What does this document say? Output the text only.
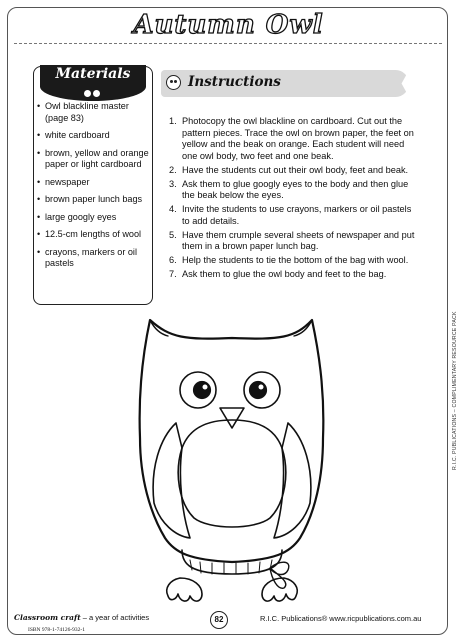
Autumn Owl
Materials
• Owl blackline master (page 83)
• white cardboard
• brown, yellow and orange paper or light cardboard
• newspaper
• brown paper lunch bags
• large googly eyes
• 12.5-cm lengths of wool
• crayons, markers or oil pastels
Instructions
1. Photocopy the owl blackline on cardboard. Cut out the pattern pieces. Trace the owl on brown paper, the feet on yellow and the beak on orange. Each student will need one owl body, two feet and one beak.
2. Have the students cut out their owl body, feet and beak.
3. Ask them to glue googly eyes to the body and then glue the beak below the eyes.
4. Invite the students to use crayons, markers or oil pastels to add details.
5. Have them crumple several sheets of newspaper and put them in a brown paper lunch bag.
6. Help the students to tie the bottom of the bag with wool.
7. Ask them to glue the owl body and feet to the bag.
R.I.C. PUBLICATIONS – COMPLIMENTARY RESOURCE PACK
Classroom craft – a year of activities
ISBN 978-1-74126-932-1
82	R.I.C. Publications® www.ricpublications.com.au
